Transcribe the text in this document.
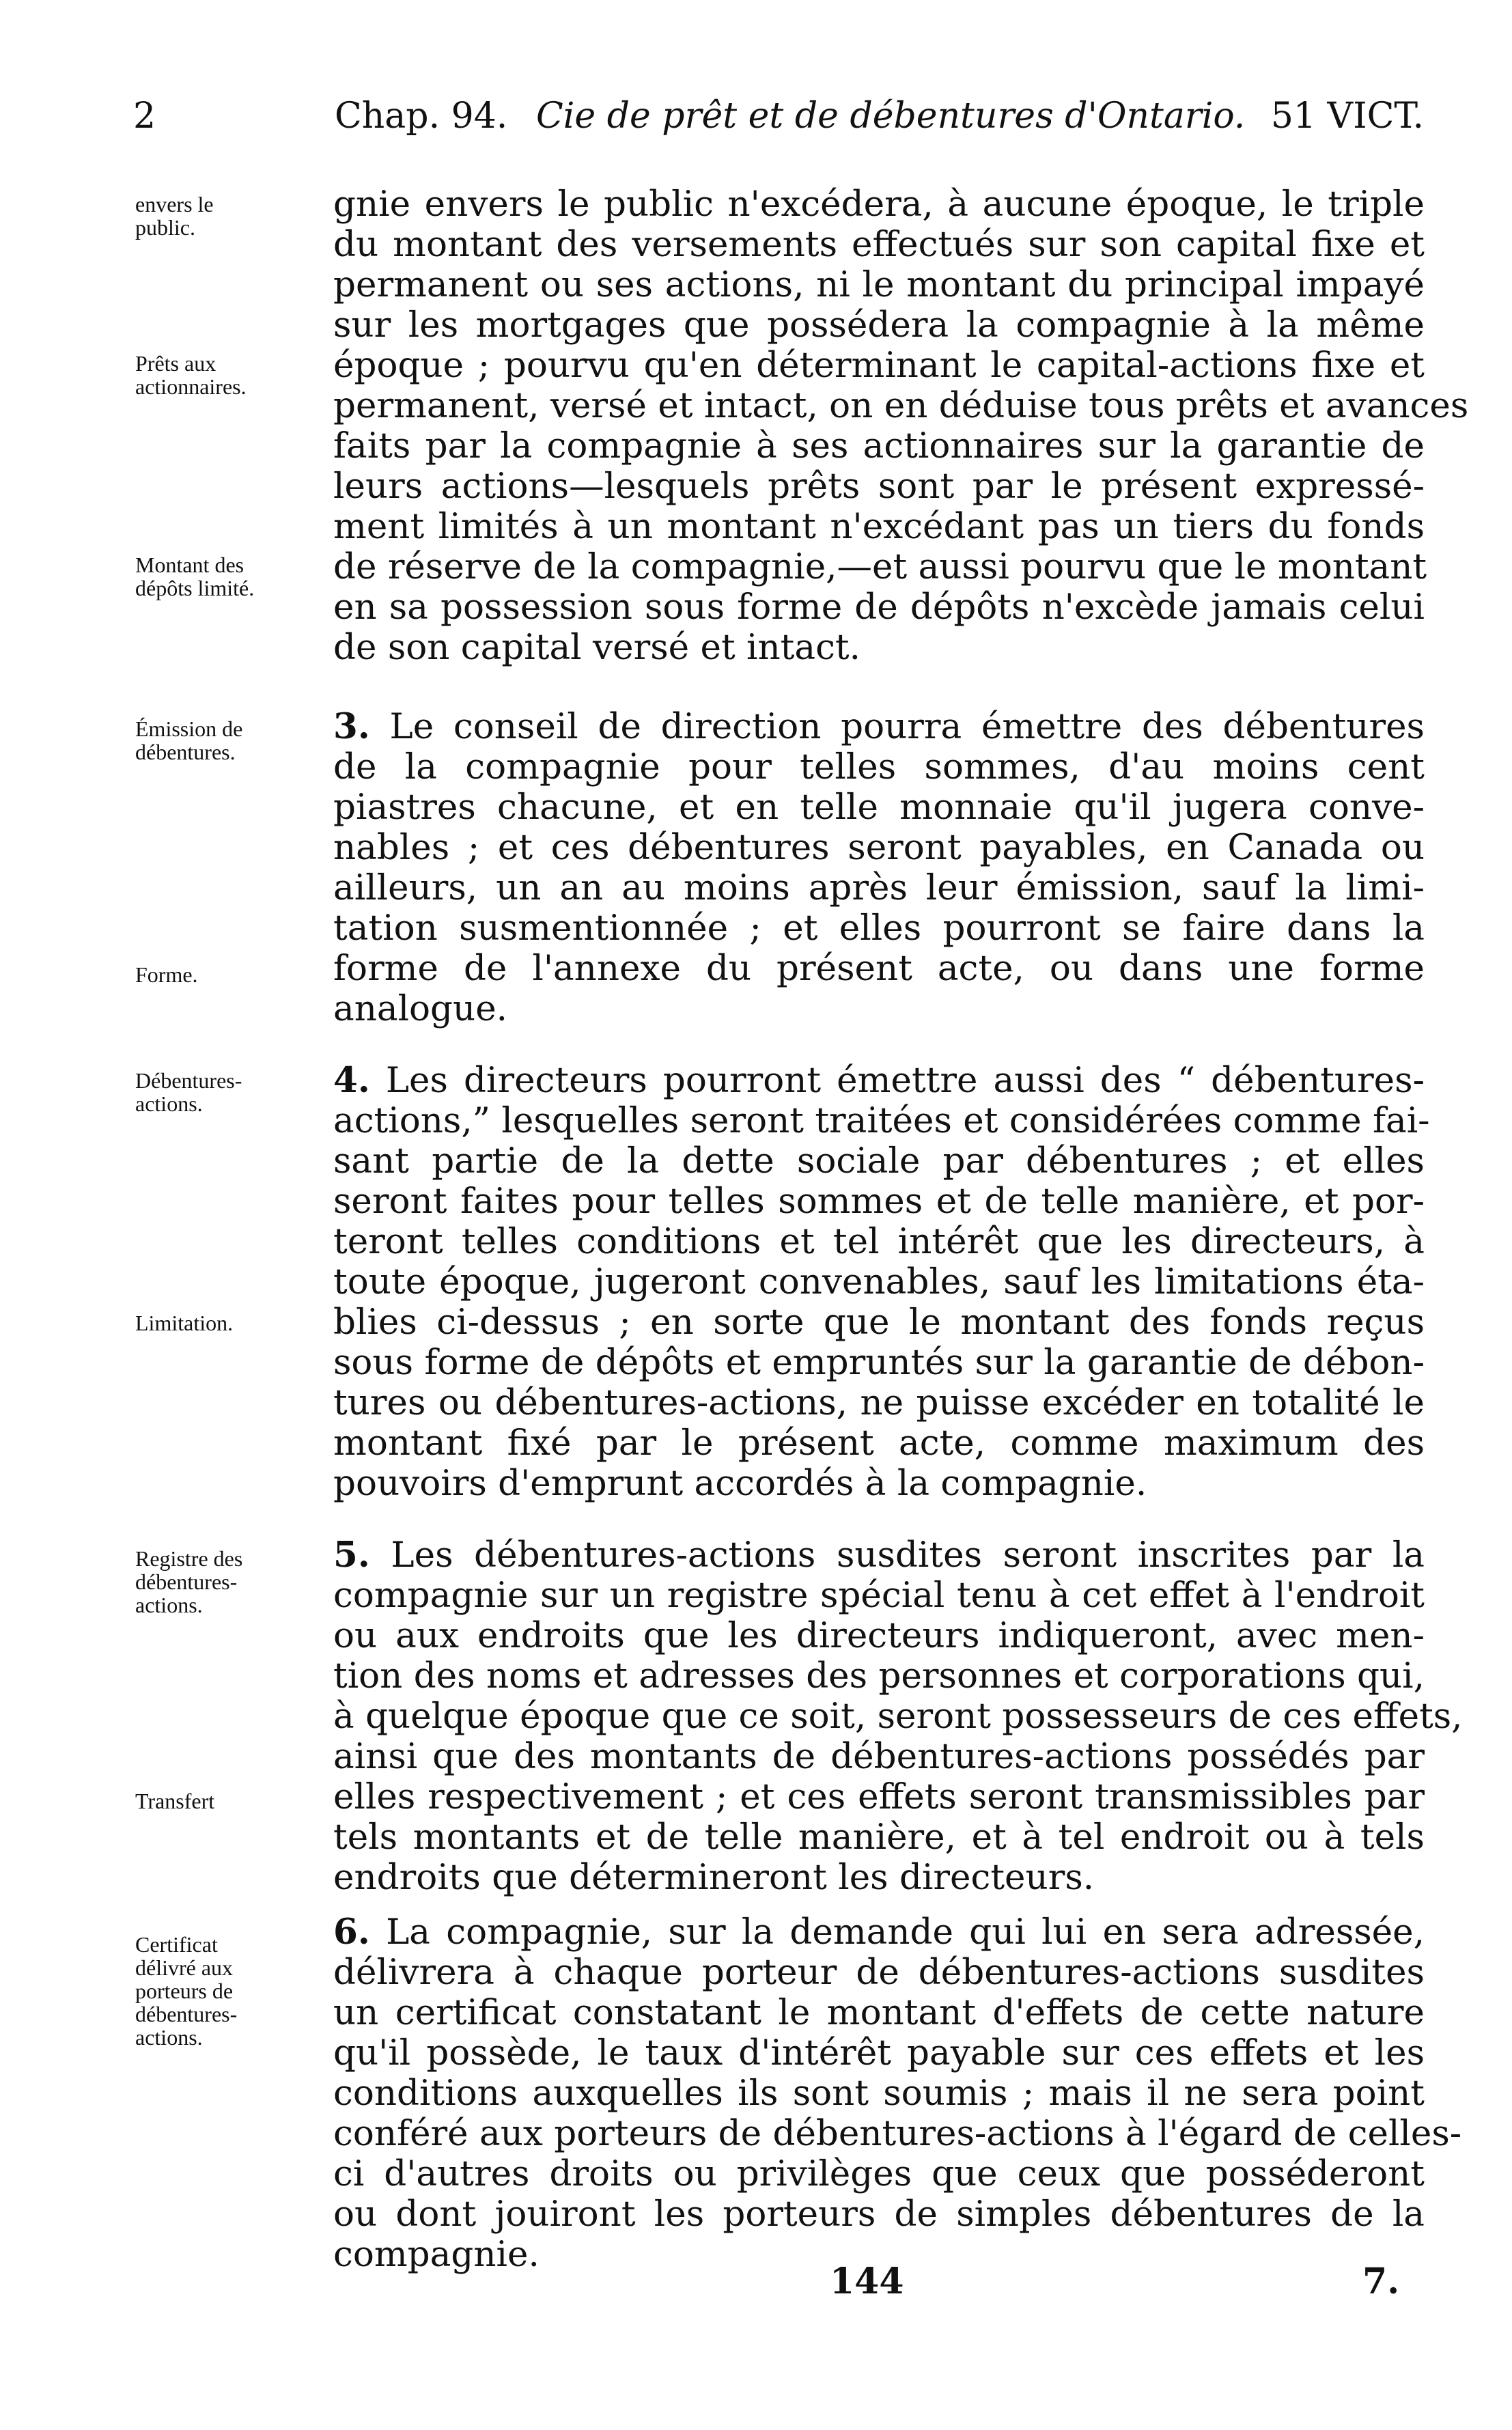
2	Chap. 94. Cie de prêt et de débentures d'Ontario. 51 VICT.
envers le
public.
Prêts aux
actionnaires.
Montant des
dépôts limité.
Émission de
débentures.
Forme.
Débentures-
actions.
Limitation.
Registre des
débentures-
actions.
Transfert
Certificat
délivré aux
porteurs de
débentures-
actions.
gnie envers le public n'excédera, à aucune époque, le triple
du montant des versements effectués sur son capital fixe et
permanent ou ses actions, ni le montant du principal impayé
sur les mortgages que possédera la compagnie à la même
époque ; pourvu qu'en déterminant le capital-actions fixe et
permanent, versé et intact, on en déduise tous prêts et avances
faits par la compagnie à ses actionnaires sur la garantie de
leurs actions—lesquels prêts sont par le présent expressé-
ment limités à un montant n'excédant pas un tiers du fonds
de réserve de la compagnie,—et aussi pourvu que le montant
en sa possession sous forme de dépôts n'excède jamais celui
de son capital versé et intact.
3. Le conseil de direction pourra émettre des débentures
de la compagnie pour telles sommes, d'au moins cent
piastres chacune, et en telle monnaie qu'il jugera conve-
nables ; et ces débentures seront payables, en Canada ou
ailleurs, un an au moins après leur émission, sauf la limi-
tation susmentionnée ; et elles pourront se faire dans la
forme de l'annexe du présent acte, ou dans une forme
analogue.
4. Les directeurs pourront émettre aussi des “ débentures-
actions,” lesquelles seront traitées et considérées comme fai-
sant partie de la dette sociale par débentures ; et elles
seront faites pour telles sommes et de telle manière, et por-
teront telles conditions et tel intérêt que les directeurs, à
toute époque, jugeront convenables, sauf les limitations éta-
blies ci-dessus ; en sorte que le montant des fonds reçus
sous forme de dépôts et empruntés sur la garantie de débon-
tures ou débentures-actions, ne puisse excéder en totalité le
montant fixé par le présent acte, comme maximum des
pouvoirs d'emprunt accordés à la compagnie.
5. Les débentures-actions susdites seront inscrites par la
compagnie sur un registre spécial tenu à cet effet à l'endroit
ou aux endroits que les directeurs indiqueront, avec men-
tion des noms et adresses des personnes et corporations qui,
à quelque époque que ce soit, seront possesseurs de ces effets,
ainsi que des montants de débentures-actions possédés par
elles respectivement ; et ces effets seront transmissibles par
tels montants et de telle manière, et à tel endroit ou à tels
endroits que détermineront les directeurs.
6. La compagnie, sur la demande qui lui en sera adressée,
délivrera à chaque porteur de débentures-actions susdites
un certificat constatant le montant d'effets de cette nature
qu'il possède, le taux d'intérêt payable sur ces effets et les
conditions auxquelles ils sont soumis ; mais il ne sera point
conféré aux porteurs de débentures-actions à l'égard de celles-
ci d'autres droits ou privilèges que ceux que posséderont
ou dont jouiront les porteurs de simples débentures de la
compagnie.
144	7.
